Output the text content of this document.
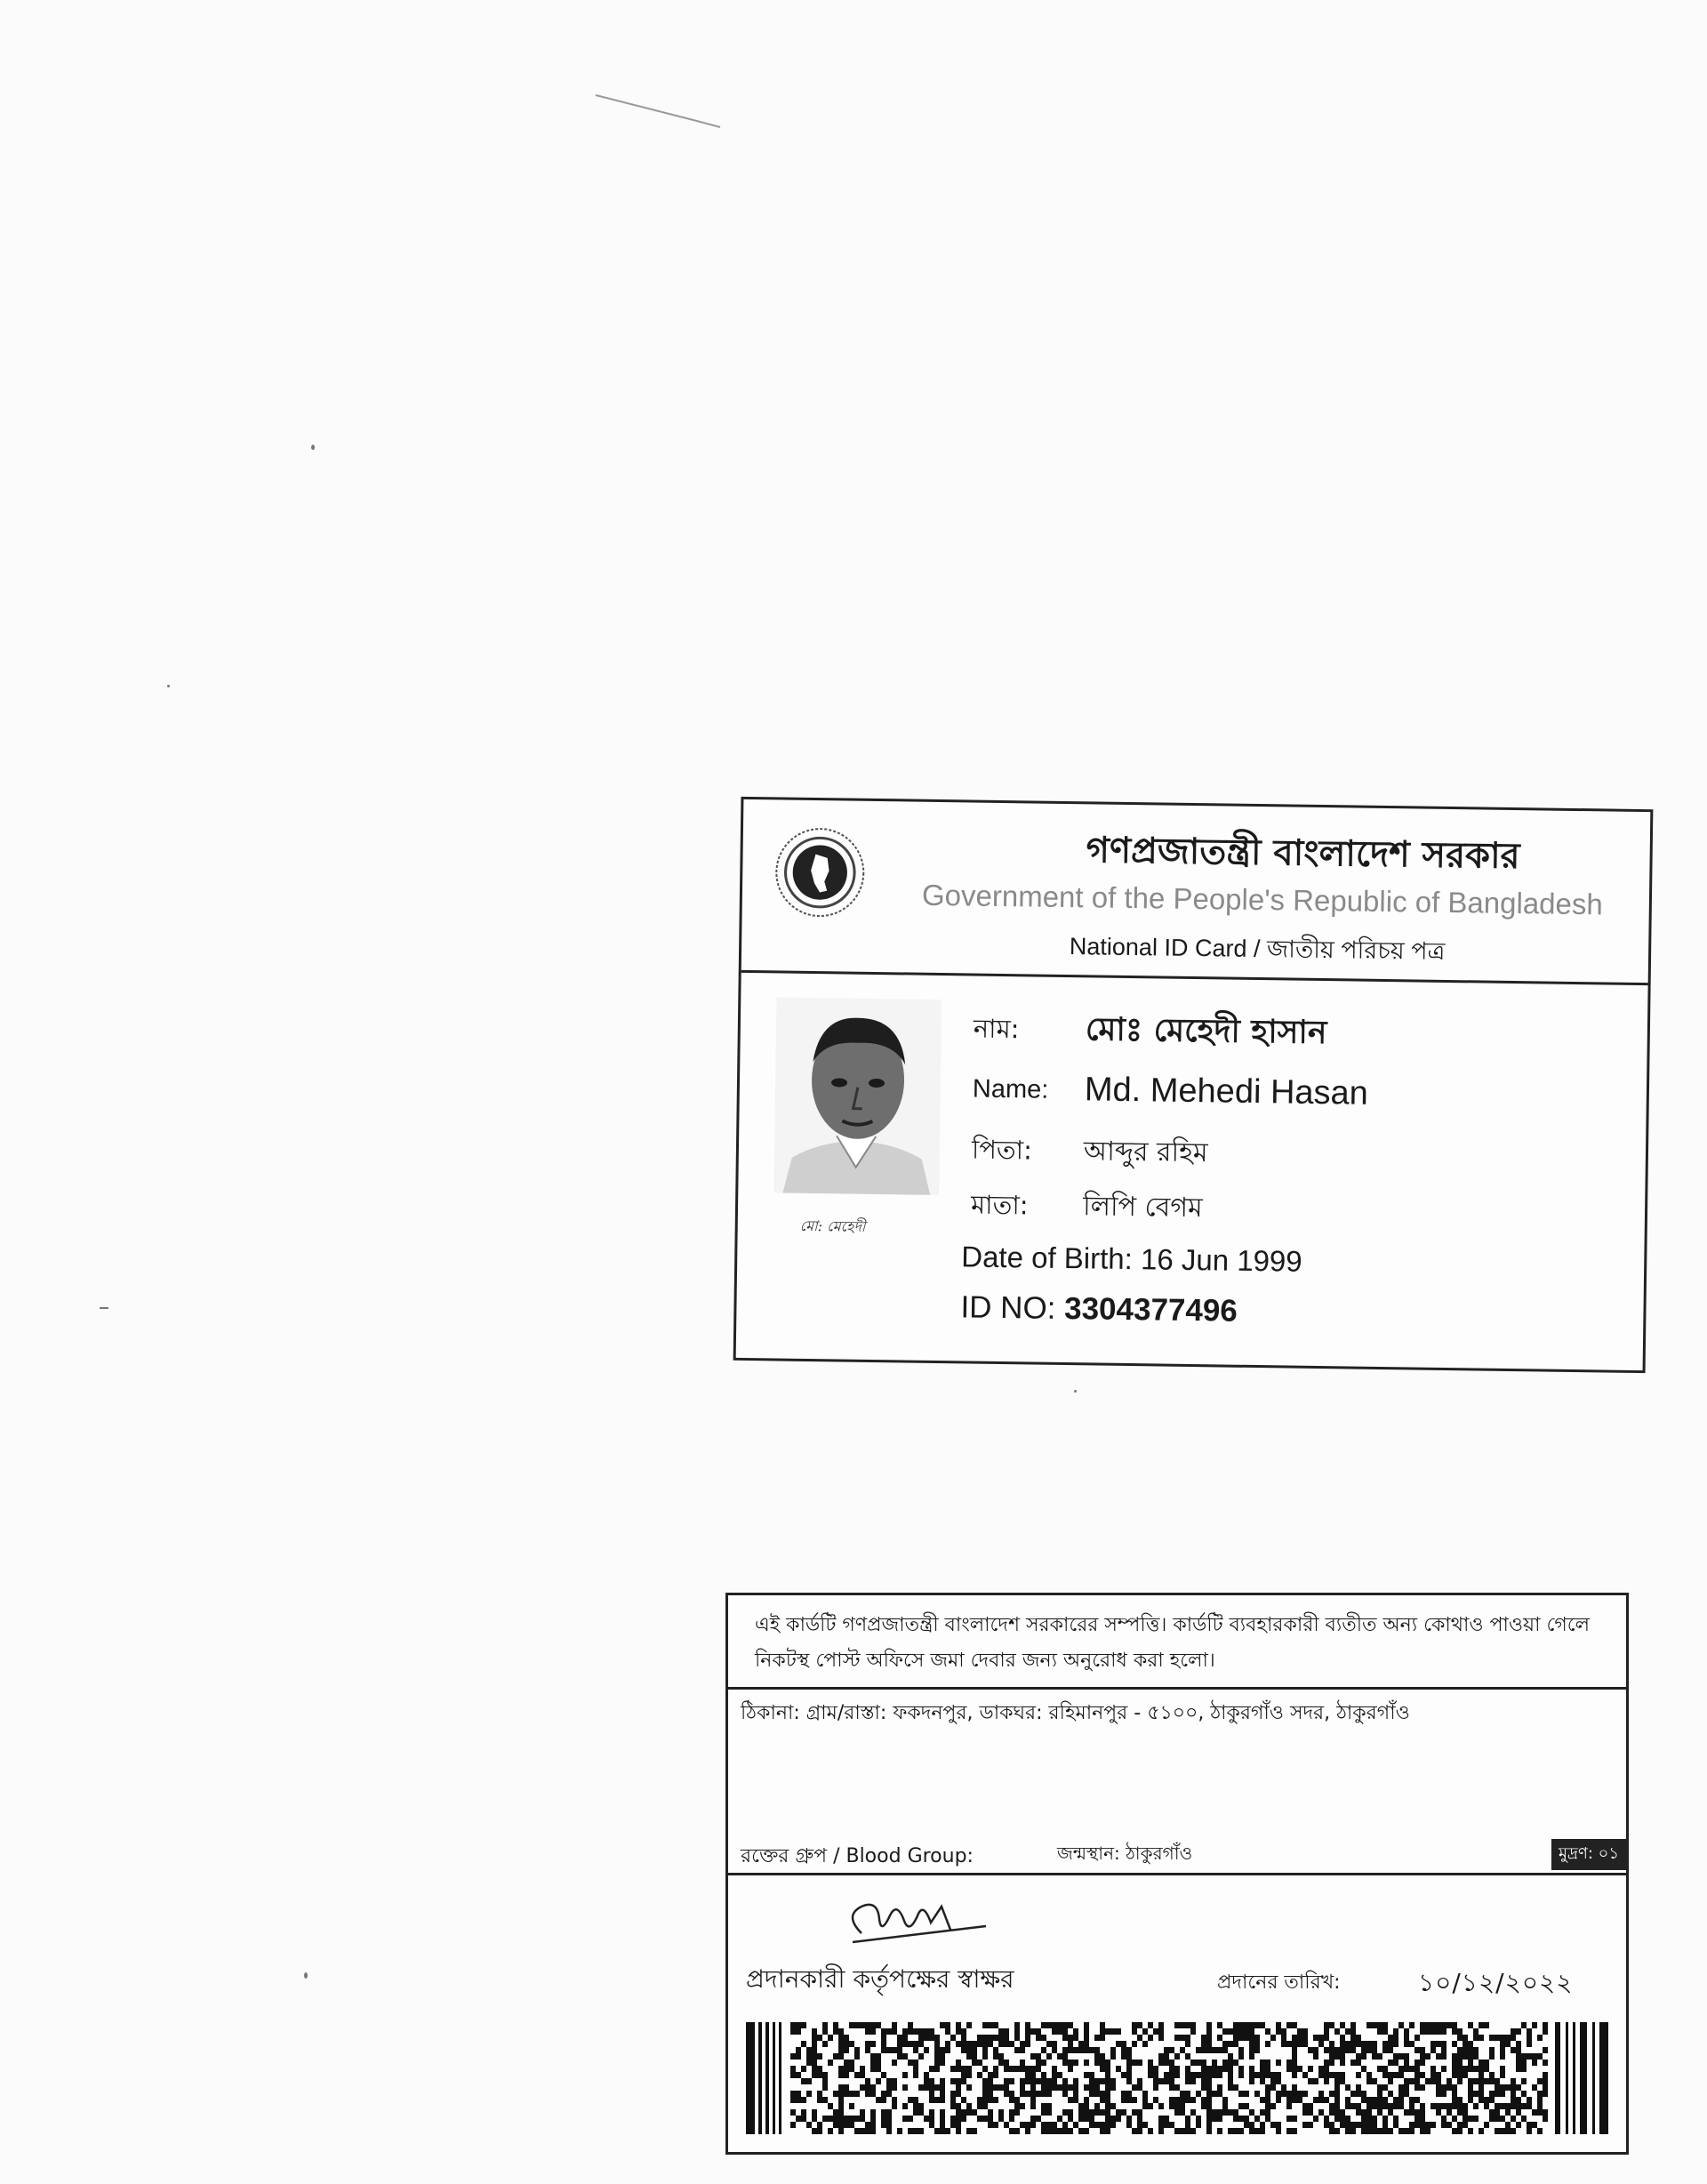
গণপ্রজাতন্ত্রী বাংলাদেশ সরকার
Government of the People's Republic of Bangladesh
National ID Card / জাতীয় পরিচয় পত্র
মো: মেহেদী
নাম: মোঃ মেহেদী হাসান
Name: Md. Mehedi Hasan
পিতা: আব্দুর রহিম
মাতা: লিপি বেগম
Date of Birth: 16 Jun 1999
ID NO: 3304377496
এই কার্ডটি গণপ্রজাতন্ত্রী বাংলাদেশ সরকারের সম্পত্তি। কার্ডটি ব্যবহারকারী ব্যতীত অন্য কোথাও পাওয়া গেলে নিকটস্থ পোস্ট অফিসে জমা দেবার জন্য অনুরোধ করা হলো।
ঠিকানা: গ্রাম/রাস্তা: ফকদনপুর, ডাকঘর: রহিমানপুর - ৫১০০, ঠাকুরগাঁও সদর, ঠাকুরগাঁও
রক্তের গ্রুপ / Blood Group:	জন্মস্থান: ঠাকুরগাঁও	মুদ্রণ: ০১
প্রদানকারী কর্তৃপক্ষের স্বাক্ষর	প্রদানের তারিখ:	১০/১২/২০২২
